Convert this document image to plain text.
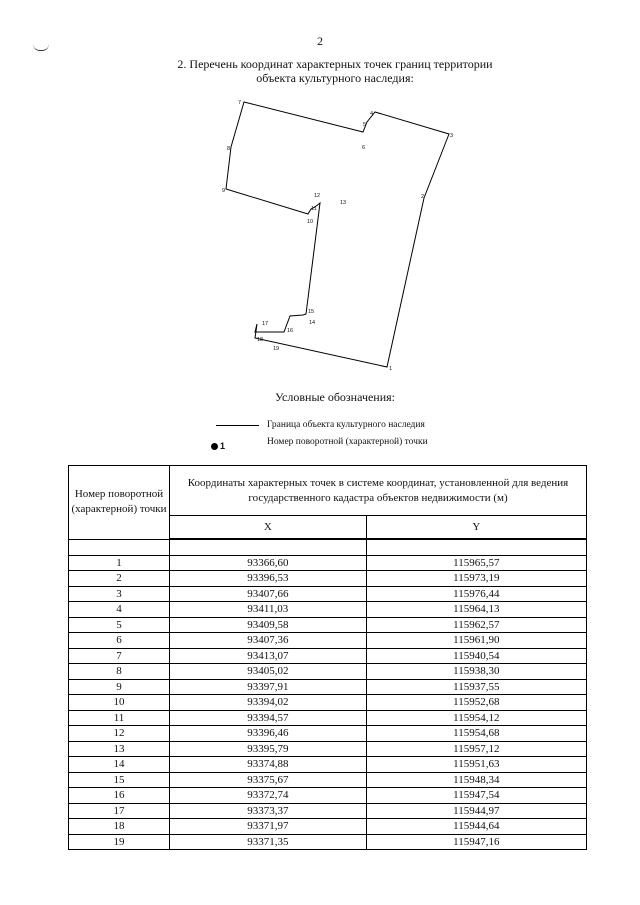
2
2. Перечень координат характерных точек границ территории
объекта культурного наследия:
1
2
3
4
5
6
7
8
9
10
11
12
13
14
15
16
17
18
19
Условные обозначения:
Граница объекта культурного наследия
1	Номер поворотной (характерной) точки
Номер поворотной (характерной) точки	Координаты характерных точек в системе координат, установленной для ведения государственного кадастра объектов недвижимости (м)	
	X	Y

1	93366,60	115965,57
2	93396,53	115973,19
3	93407,66	115976,44
4	93411,03	115964,13
5	93409,58	115962,57
6	93407,36	115961,90
7	93413,07	115940,54
8	93405,02	115938,30
9	93397,91	115937,55
10	93394,02	115952,68
11	93394,57	115954,12
12	93396,46	115954,68
13	93395,79	115957,12
14	93374,88	115951,63
15	93375,67	115948,34
16	93372,74	115947,54
17	93373,37	115944,97
18	93371,97	115944,64
19	93371,35	115947,16
